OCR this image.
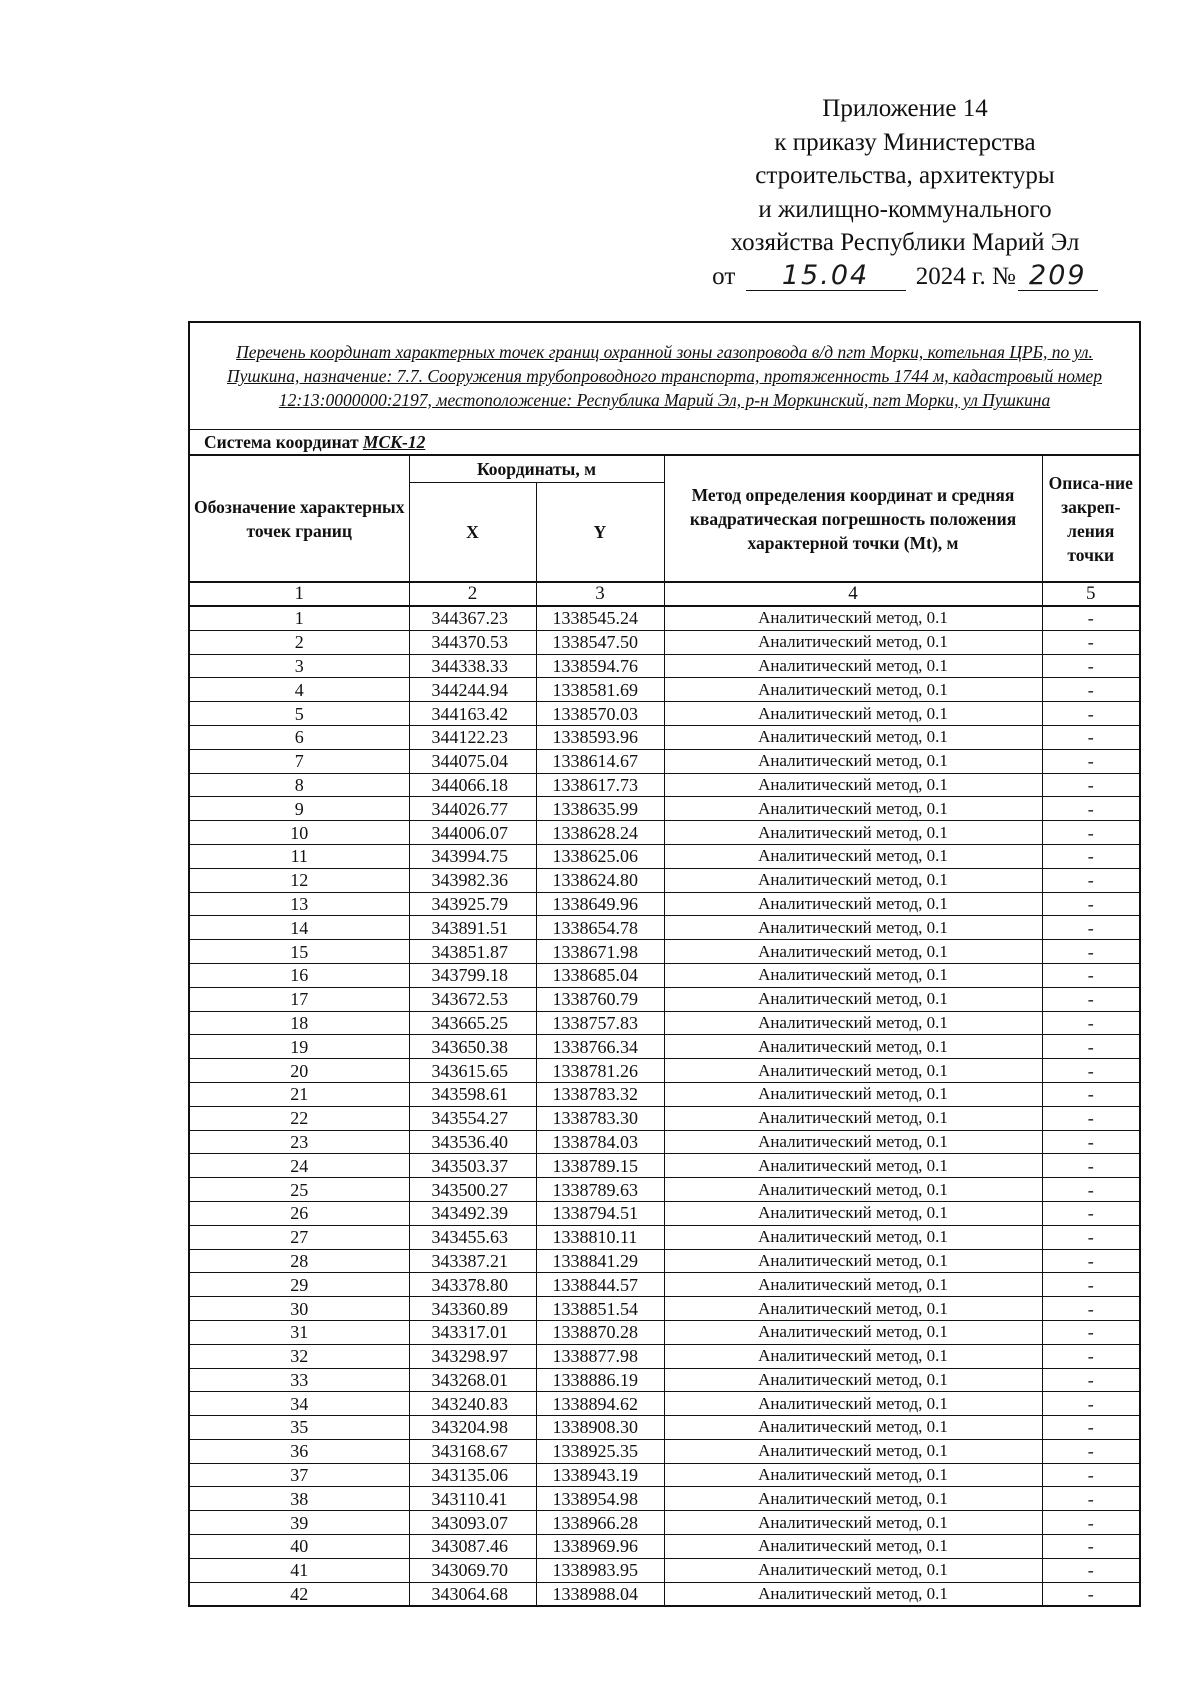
Приложение 14
к приказу Министерства
строительства, архитектуры
и жилищно-коммунального
хозяйства Республики Марий Эл
от 15.04 2024 г. № 209
Перечень координат характерных точек границ охранной зоны газопровода в/д пгт Морки, котельная ЦРБ, по ул. Пушкина, назначение: 7.7. Сооружения трубопроводного транспорта, протяженность 1744 м, кадастровый номер 12:13:0000000:2197, местоположение: Республика Марий Эл, р-н Моркинский, пгт Морки, ул Пушкина				
Система координат МСК-12				
Обозначение характерных точек границ	Координаты, м		Метод определения координат и средняя квадратическая погрешность положения характерной точки (Mt), м	Описа-ние закреп-ления точки
	X	Y		
1	2	3	4	5
1	344367.23	1338545.24	Аналитический метод, 0.1	-
2	344370.53	1338547.50	Аналитический метод, 0.1	-
3	344338.33	1338594.76	Аналитический метод, 0.1	-
4	344244.94	1338581.69	Аналитический метод, 0.1	-
5	344163.42	1338570.03	Аналитический метод, 0.1	-
6	344122.23	1338593.96	Аналитический метод, 0.1	-
7	344075.04	1338614.67	Аналитический метод, 0.1	-
8	344066.18	1338617.73	Аналитический метод, 0.1	-
9	344026.77	1338635.99	Аналитический метод, 0.1	-
10	344006.07	1338628.24	Аналитический метод, 0.1	-
11	343994.75	1338625.06	Аналитический метод, 0.1	-
12	343982.36	1338624.80	Аналитический метод, 0.1	-
13	343925.79	1338649.96	Аналитический метод, 0.1	-
14	343891.51	1338654.78	Аналитический метод, 0.1	-
15	343851.87	1338671.98	Аналитический метод, 0.1	-
16	343799.18	1338685.04	Аналитический метод, 0.1	-
17	343672.53	1338760.79	Аналитический метод, 0.1	-
18	343665.25	1338757.83	Аналитический метод, 0.1	-
19	343650.38	1338766.34	Аналитический метод, 0.1	-
20	343615.65	1338781.26	Аналитический метод, 0.1	-
21	343598.61	1338783.32	Аналитический метод, 0.1	-
22	343554.27	1338783.30	Аналитический метод, 0.1	-
23	343536.40	1338784.03	Аналитический метод, 0.1	-
24	343503.37	1338789.15	Аналитический метод, 0.1	-
25	343500.27	1338789.63	Аналитический метод, 0.1	-
26	343492.39	1338794.51	Аналитический метод, 0.1	-
27	343455.63	1338810.11	Аналитический метод, 0.1	-
28	343387.21	1338841.29	Аналитический метод, 0.1	-
29	343378.80	1338844.57	Аналитический метод, 0.1	-
30	343360.89	1338851.54	Аналитический метод, 0.1	-
31	343317.01	1338870.28	Аналитический метод, 0.1	-
32	343298.97	1338877.98	Аналитический метод, 0.1	-
33	343268.01	1338886.19	Аналитический метод, 0.1	-
34	343240.83	1338894.62	Аналитический метод, 0.1	-
35	343204.98	1338908.30	Аналитический метод, 0.1	-
36	343168.67	1338925.35	Аналитический метод, 0.1	-
37	343135.06	1338943.19	Аналитический метод, 0.1	-
38	343110.41	1338954.98	Аналитический метод, 0.1	-
39	343093.07	1338966.28	Аналитический метод, 0.1	-
40	343087.46	1338969.96	Аналитический метод, 0.1	-
41	343069.70	1338983.95	Аналитический метод, 0.1	-
42	343064.68	1338988.04	Аналитический метод, 0.1	-
